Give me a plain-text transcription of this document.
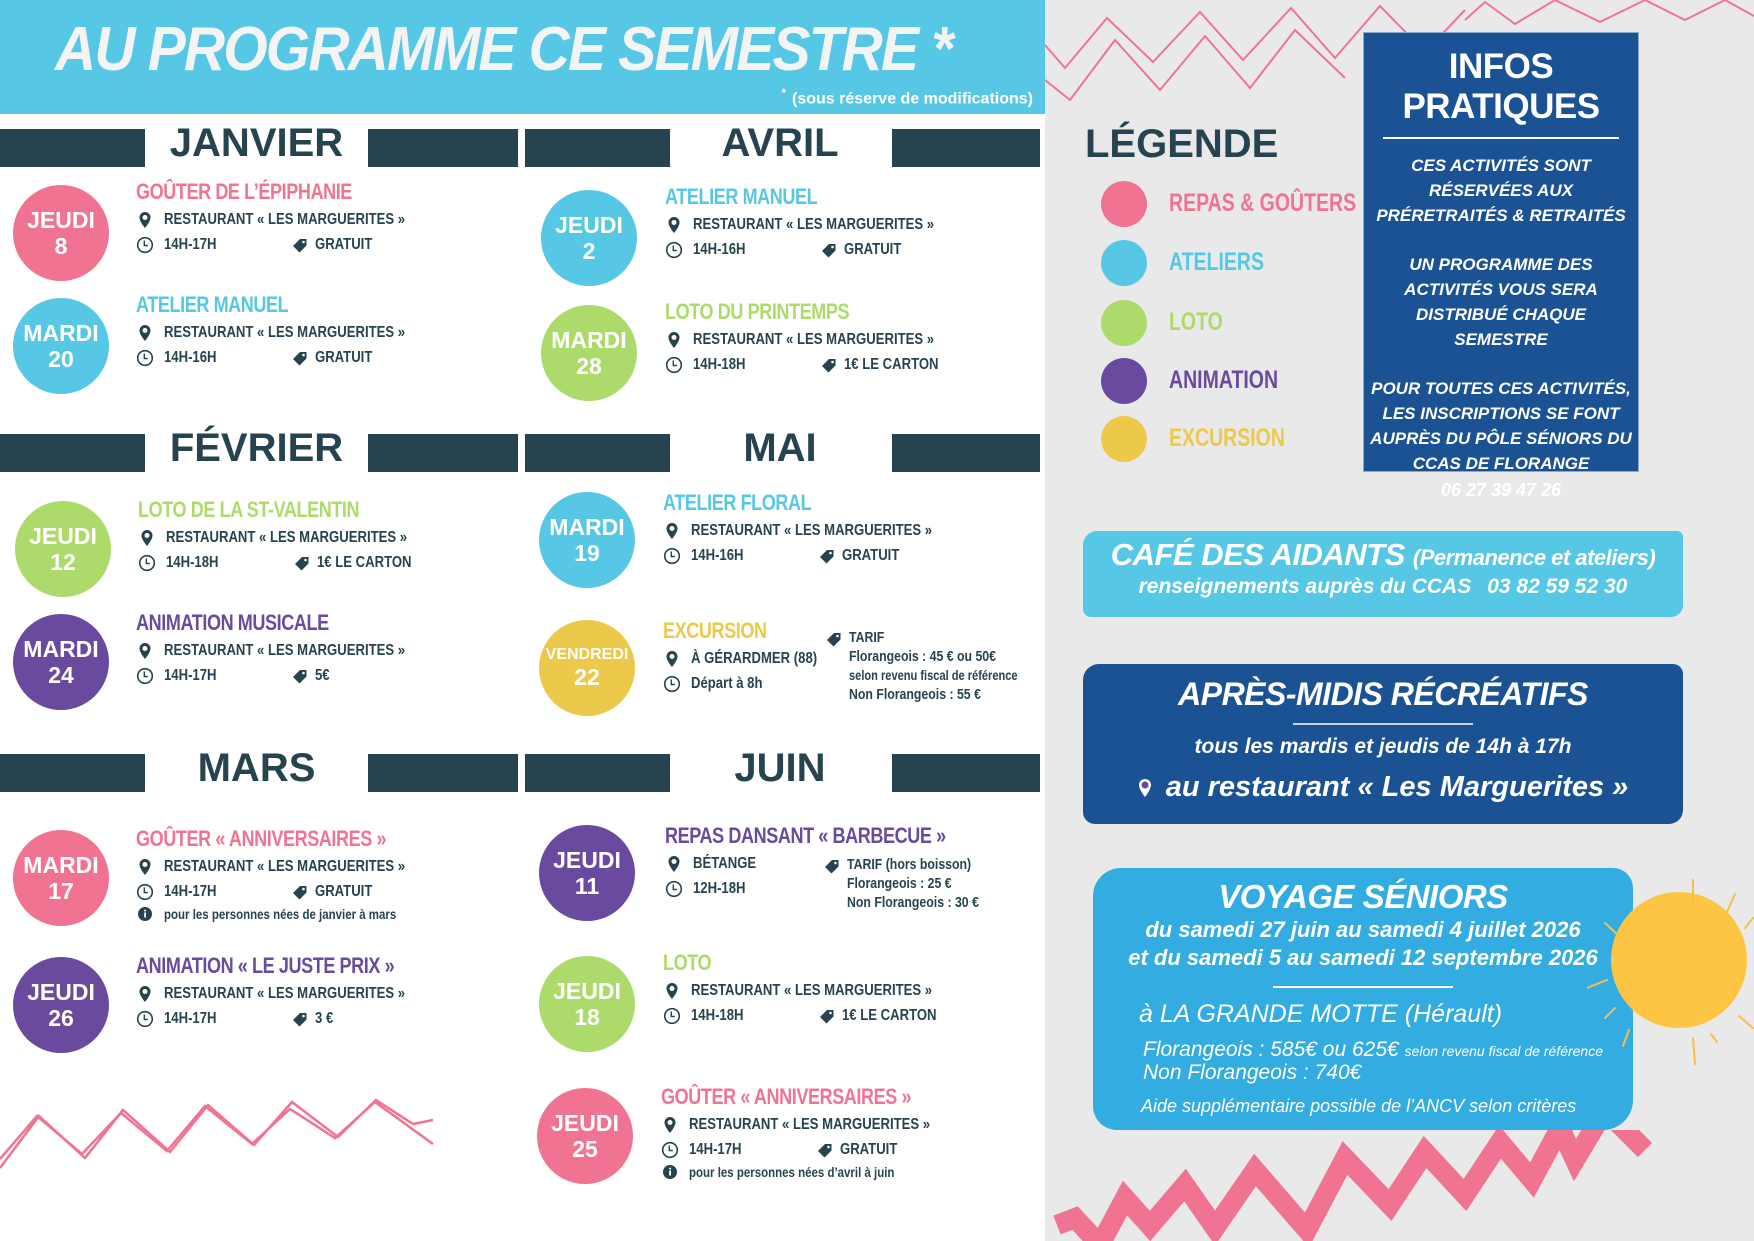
AU PROGRAMME CE SEMESTRE *
* (sous réserve de modifications)
JANVIER	AVRIL
FÉVRIER	MAI
MARS	JUIN
JEUDI
8
GOÛTER DE L’ÉPIPHANIE
RESTAURANT « LES MARGUERITES »
14H-17H	GRATUIT
MARDI
20
ATELIER MANUEL
RESTAURANT « LES MARGUERITES »
14H-16H	GRATUIT
JEUDI
12
LOTO DE LA ST-VALENTIN
RESTAURANT « LES MARGUERITES »
14H-18H	1€ LE CARTON
MARDI
24
ANIMATION MUSICALE
RESTAURANT « LES MARGUERITES »
14H-17H	5€
MARDI
17
GOÛTER « ANNIVERSAIRES »
RESTAURANT « LES MARGUERITES »
14H-17H	GRATUIT
pour les personnes nées de janvier à mars
JEUDI
26
ANIMATION « LE JUSTE PRIX »
RESTAURANT « LES MARGUERITES »
14H-17H	3 €
JEUDI
2
ATELIER MANUEL
RESTAURANT « LES MARGUERITES »
14H-16H	GRATUIT
MARDI
28
LOTO DU PRINTEMPS
RESTAURANT « LES MARGUERITES »
14H-18H	1€ LE CARTON
MARDI
19
ATELIER FLORAL
RESTAURANT « LES MARGUERITES »
14H-16H	GRATUIT
VENDREDI
22
EXCURSION
À GÉRARDMER (88)
Départ à 8h
TARIF
Florangeois : 45 € ou 50€
selon revenu fiscal de référence
Non Florangeois : 55 €
JEUDI
11
REPAS DANSANT « BARBECUE »
BÉTANGE
12H-18H
TARIF (hors boisson)
Florangeois : 25 €
Non Florangeois : 30 €
JEUDI
18
LOTO
RESTAURANT « LES MARGUERITES »
14H-18H	1€ LE CARTON
JEUDI
25
GOÛTER « ANNIVERSAIRES »
RESTAURANT « LES MARGUERITES »
14H-17H	GRATUIT
pour les personnes nées d’avril à juin
LÉGENDE
REPAS & GOÛTERS
ATELIERS
LOTO
ANIMATION
EXCURSION
INFOS PRATIQUES
CES ACTIVITÉS SONT RÉSERVÉES AUX PRÉRETRAITÉS & RETRAITÉS
UN PROGRAMME DES ACTIVITÉS VOUS SERA DISTRIBUÉ CHAQUE SEMESTRE
POUR TOUTES CES ACTIVITÉS, LES INSCRIPTIONS SE FONT AUPRÈS DU PÔLE SÉNIORS DU CCAS DE FLORANGE
06 27 39 47 26
CAFÉ DES AIDANTS (Permanence et ateliers)
renseignements auprès du CCAS 03 82 59 52 30
APRÈS-MIDIS RÉCRÉATIFS
tous les mardis et jeudis de 14h à 17h
au restaurant « Les Marguerites »
VOYAGE SÉNIORS
du samedi 27 juin au samedi 4 juillet 2026
et du samedi 5 au samedi 12 septembre 2026
à LA GRANDE MOTTE (Hérault)
Florangeois : 585€ ou 625€ selon revenu fiscal de référence
Non Florangeois : 740€
Aide supplémentaire possible de l’ANCV selon critères
